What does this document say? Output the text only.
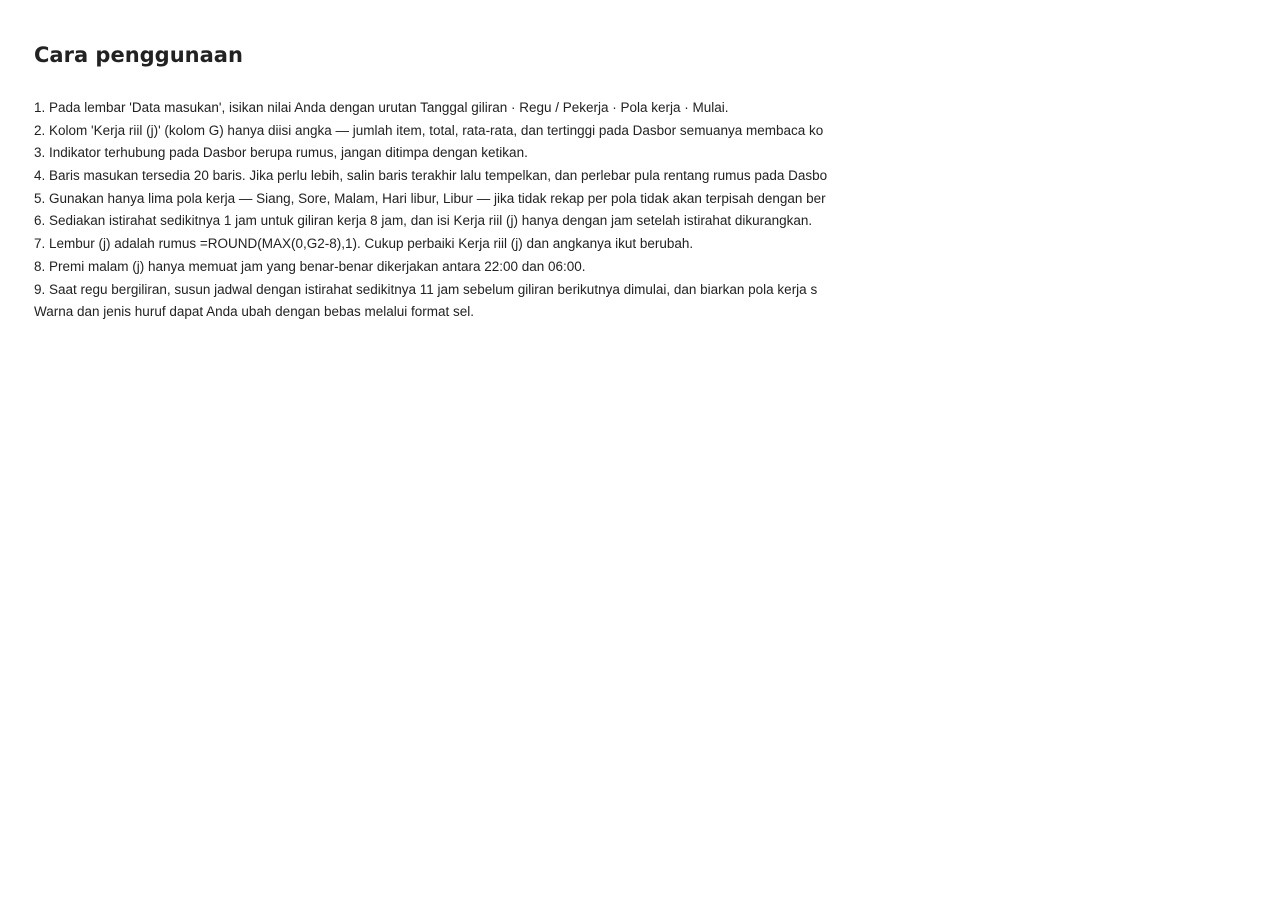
Cara penggunaan
1. Pada lembar 'Data masukan', isikan nilai Anda dengan urutan Tanggal giliran · Regu / Pekerja · Pola kerja · Mulai.
2. Kolom 'Kerja riil (j)' (kolom G) hanya diisi angka — jumlah item, total, rata-rata, dan tertinggi pada Dasbor semuanya membaca ko
3. Indikator terhubung pada Dasbor berupa rumus, jangan ditimpa dengan ketikan.
4. Baris masukan tersedia 20 baris. Jika perlu lebih, salin baris terakhir lalu tempelkan, dan perlebar pula rentang rumus pada Dasbo
5. Gunakan hanya lima pola kerja — Siang, Sore, Malam, Hari libur, Libur — jika tidak rekap per pola tidak akan terpisah dengan ber
6. Sediakan istirahat sedikitnya 1 jam untuk giliran kerja 8 jam, dan isi Kerja riil (j) hanya dengan jam setelah istirahat dikurangkan.
7. Lembur (j) adalah rumus =ROUND(MAX(0,G2-8),1). Cukup perbaiki Kerja riil (j) dan angkanya ikut berubah.
8. Premi malam (j) hanya memuat jam yang benar-benar dikerjakan antara 22:00 dan 06:00.
9. Saat regu bergiliran, susun jadwal dengan istirahat sedikitnya 11 jam sebelum giliran berikutnya dimulai, dan biarkan pola kerja s
Warna dan jenis huruf dapat Anda ubah dengan bebas melalui format sel.
